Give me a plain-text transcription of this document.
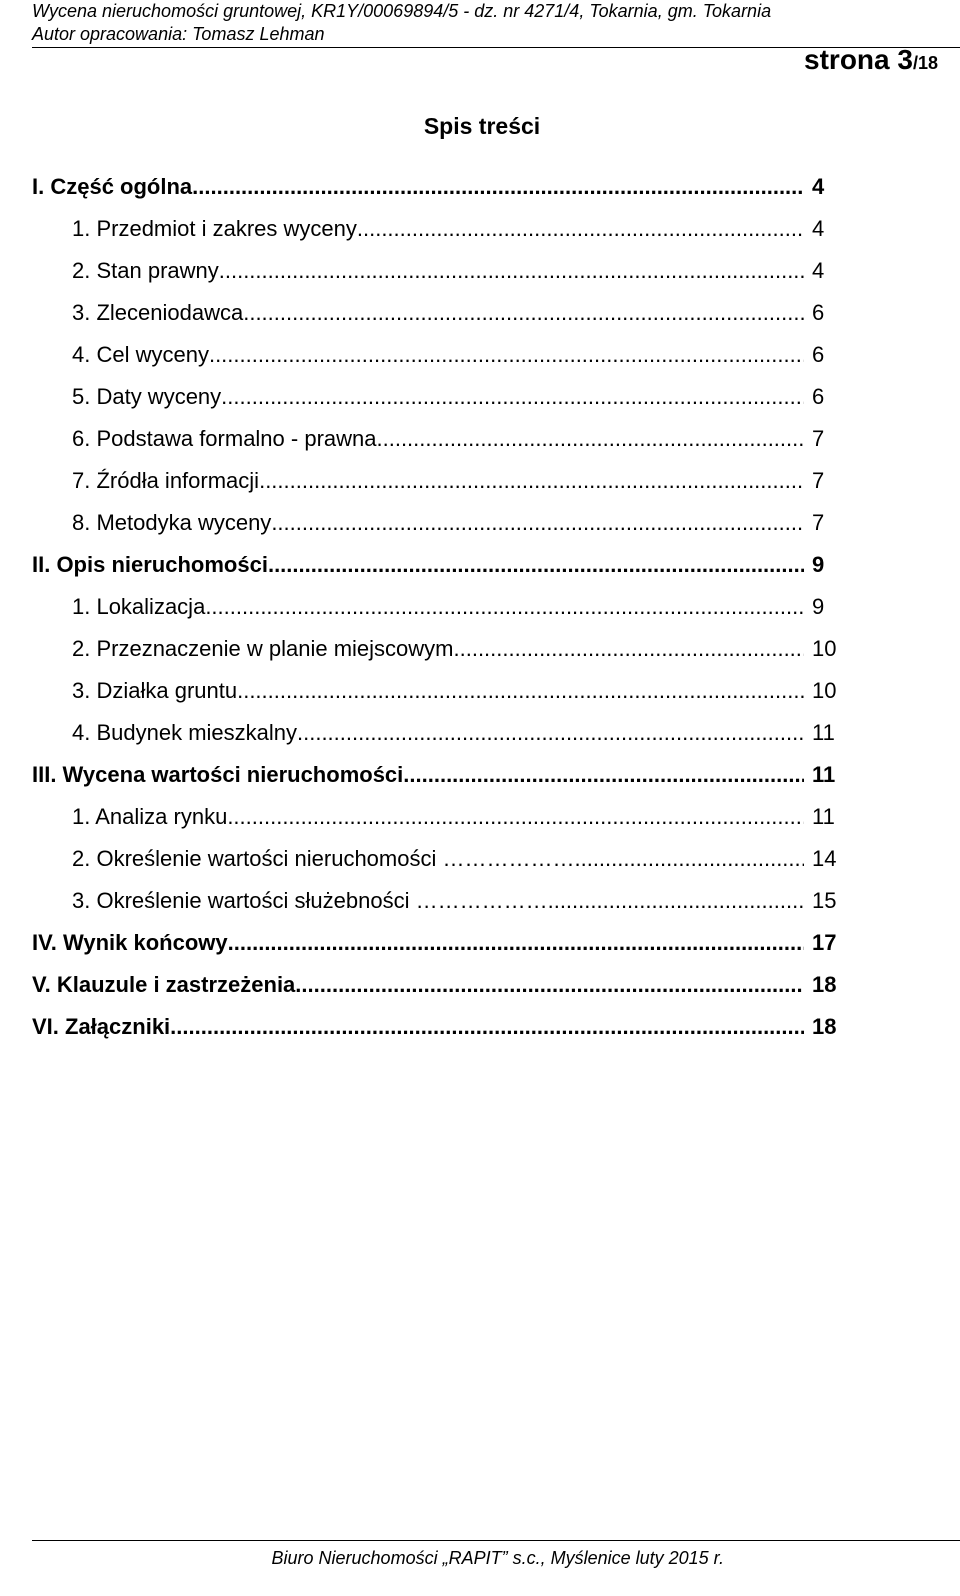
Wycena nieruchomości gruntowej, KR1Y/00069894/5 - dz. nr 4271/4, Tokarnia, gm. Tokarnia
Autor opracowania: Tomasz Lehman
strona 3/18
Spis treści
I. Część ogólna .....	4
1. Przedmiot i zakres wyceny .....	4
2. Stan prawny .....	4
3. Zleceniodawca .....	6
4. Cel wyceny .....	6
5. Daty wyceny .....	6
6. Podstawa formalno - prawna .....	7
7. Źródła informacji .....	7
8. Metodyka wyceny .....	7
II. Opis nieruchomości .....	9
1. Lokalizacja .....	9
2. Przeznaczenie w planie miejscowym .....	10
3. Działka gruntu .....	10
4. Budynek mieszkalny .....	11
III. Wycena wartości nieruchomości .....	11
1. Analiza rynku .....	11
2. Określenie wartości nieruchomości ……………… .....	14
3. Określenie wartości służebności ……………… .....	15
IV. Wynik końcowy .....	17
V. Klauzule i zastrzeżenia .....	18
VI. Załączniki .....	18
Biuro Nieruchomości „RAPIT” s.c., Myślenice luty 2015 r.
